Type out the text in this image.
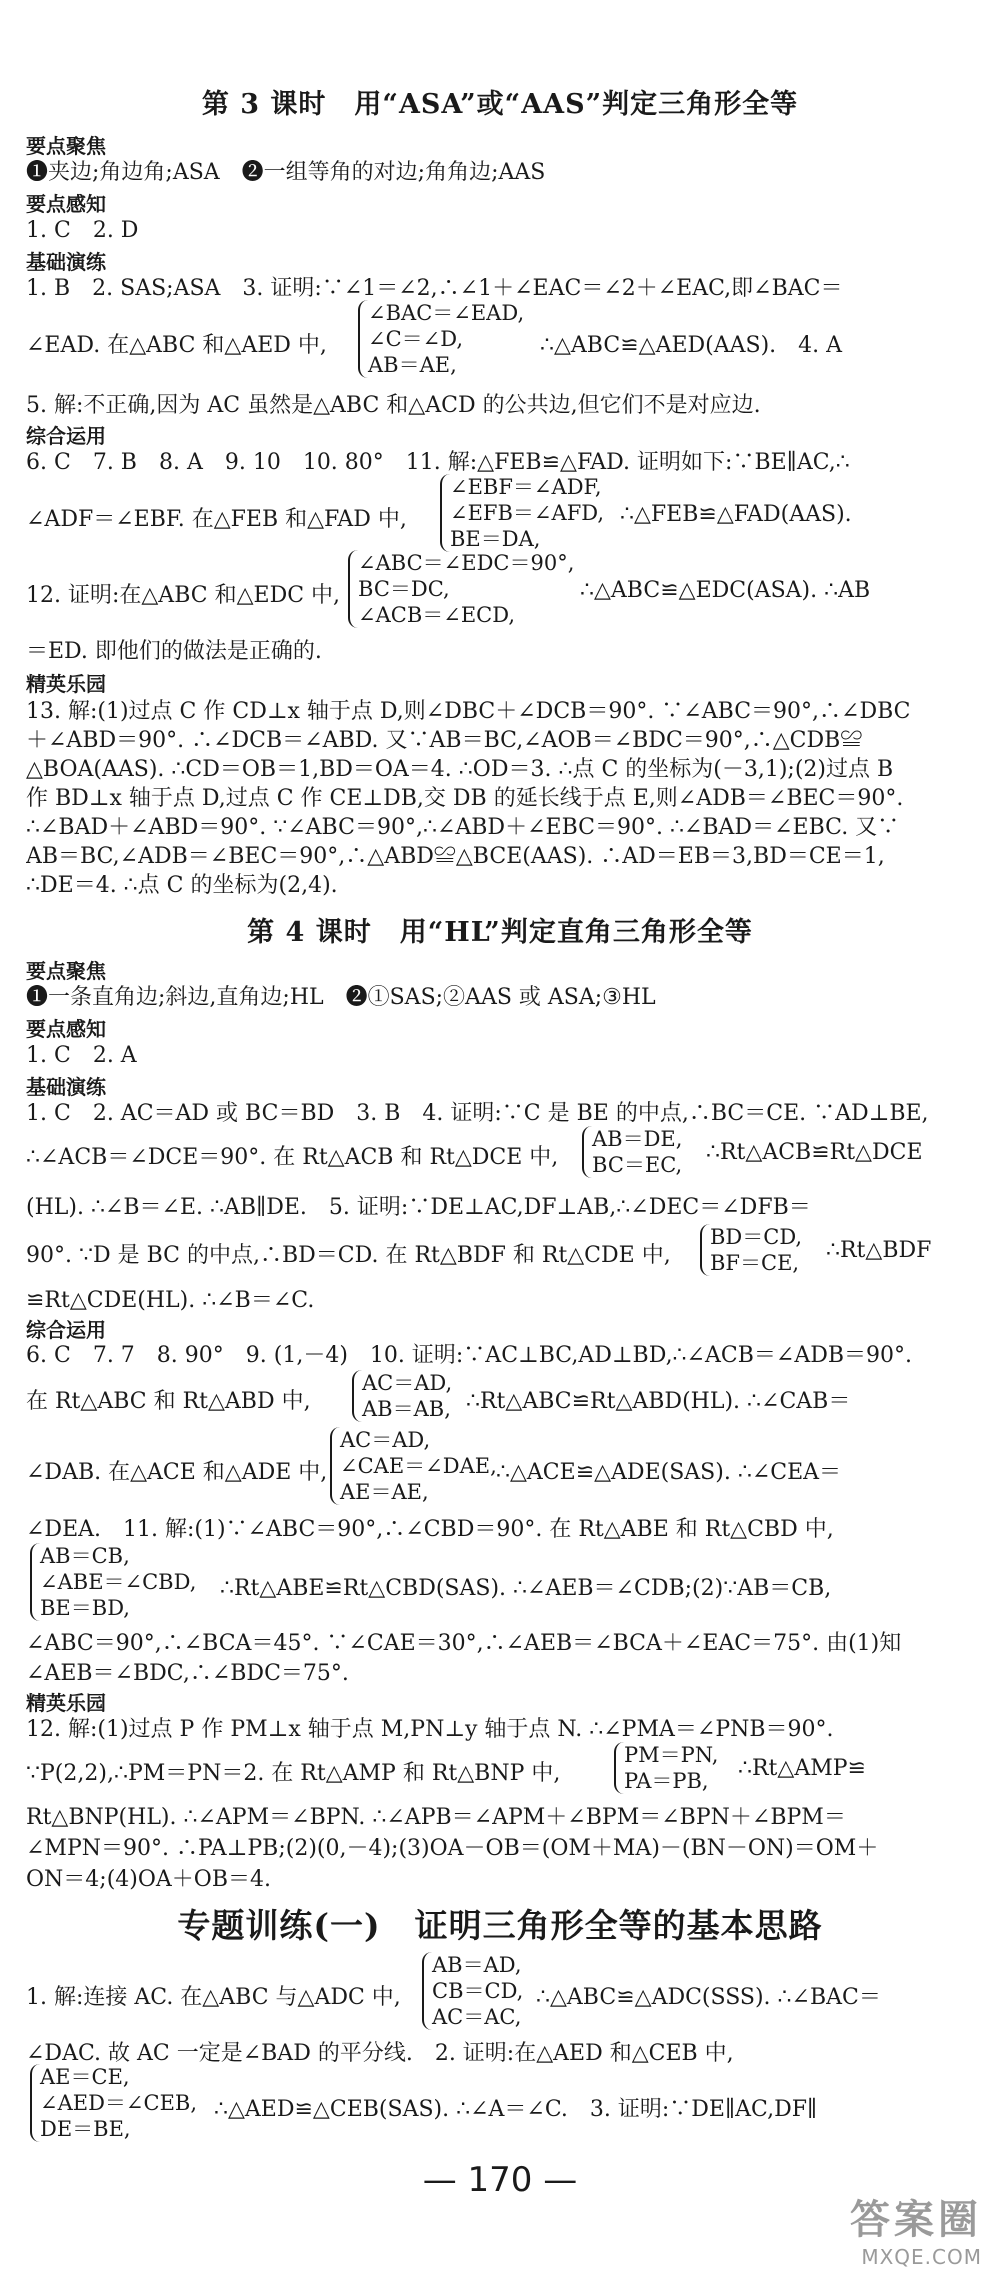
第 3 课时　用“ASA”或“AAS”判定三角形全等
要点聚焦
❶夹边;角边角;ASA　❷一组等角的对边;角角边;AAS
要点感知
1. C　2. D
基础演练
1. B　2. SAS;ASA　3. 证明:∵∠1＝∠2,∴∠1＋∠EAC＝∠2＋∠EAC,即∠BAC＝
∠EAD. 在△ABC 和△AED 中,
∠BAC＝∠EAD,
∠C＝∠D,
AB＝AE,
∴△ABC≌△AED(AAS).　4. A
5. 解:不正确,因为 AC 虽然是△ABC 和△ACD 的公共边,但它们不是对应边.
综合运用
6. C　7. B　8. A　9. 10　10. 80°　11. 解:△FEB≌△FAD. 证明如下:∵BE∥AC,∴
∠ADF＝∠EBF. 在△FEB 和△FAD 中,
∠EBF＝∠ADF,
∠EFB＝∠AFD,
BE＝DA,
∴△FEB≌△FAD(AAS).
12. 证明:在△ABC 和△EDC 中,
∠ABC＝∠EDC＝90°,
BC＝DC,
∠ACB＝∠ECD,
∴△ABC≌△EDC(ASA). ∴AB
＝ED. 即他们的做法是正确的.
精英乐园
13. 解:(1)过点 C 作 CD⊥x 轴于点 D,则∠DBC＋∠DCB＝90°. ∵∠ABC＝90°,∴∠DBC
＋∠ABD＝90°. ∴∠DCB＝∠ABD. 又∵AB＝BC,∠AOB＝∠BDC＝90°,∴△CDB≌
△BOA(AAS). ∴CD＝OB＝1,BD＝OA＝4. ∴OD＝3. ∴点 C 的坐标为(－3,1);(2)过点 B
作 BD⊥x 轴于点 D,过点 C 作 CE⊥DB,交 DB 的延长线于点 E,则∠ADB＝∠BEC＝90°.
∴∠BAD＋∠ABD＝90°. ∵∠ABC＝90°,∴∠ABD＋∠EBC＝90°. ∴∠BAD＝∠EBC. 又∵
AB＝BC,∠ADB＝∠BEC＝90°,∴△ABD≌△BCE(AAS). ∴AD＝EB＝3,BD＝CE＝1,
∴DE＝4. ∴点 C 的坐标为(2,4).
第 4 课时　用“HL”判定直角三角形全等
要点聚焦
❶一条直角边;斜边,直角边;HL　❷①SAS;②AAS 或 ASA;③HL
要点感知
1. C　2. A
基础演练
1. C　2. AC＝AD 或 BC＝BD　3. B　4. 证明:∵C 是 BE 的中点,∴BC＝CE. ∵AD⊥BE,
∴∠ACB＝∠DCE＝90°. 在 Rt△ACB 和 Rt△DCE 中,
AB＝DE,
BC＝EC, ∴Rt△ACB≌Rt△DCE
(HL). ∴∠B＝∠E. ∴AB∥DE.　5. 证明:∵DE⊥AC,DF⊥AB,∴∠DEC＝∠DFB＝
90°. ∵D 是 BC 的中点,∴BD＝CD. 在 Rt△BDF 和 Rt△CDE 中,
BD＝CD,
BF＝CE, ∴Rt△BDF
≌Rt△CDE(HL). ∴∠B＝∠C.
综合运用
6. C　7. 7　8. 90°　9. (1,－4)　10. 证明:∵AC⊥BC,AD⊥BD,∴∠ACB＝∠ADB＝90°.
在 Rt△ABC 和 Rt△ABD 中,
AC＝AD,
AB＝AB, ∴Rt△ABC≌Rt△ABD(HL). ∴∠CAB＝
∠DAB. 在△ACE 和△ADE 中,
AC＝AD,
∠CAE＝∠DAE,
AE＝AE,
∴△ACE≌△ADE(SAS). ∴∠CEA＝
∠DEA.　11. 解:(1)∵∠ABC＝90°,∴∠CBD＝90°. 在 Rt△ABE 和 Rt△CBD 中,
AB＝CB,
∠ABE＝∠CBD,
BE＝BD,
∴Rt△ABE≌Rt△CBD(SAS). ∴∠AEB＝∠CDB;(2)∵AB＝CB,
∠ABC＝90°,∴∠BCA＝45°. ∵∠CAE＝30°,∴∠AEB＝∠BCA＋∠EAC＝75°. 由(1)知
∠AEB＝∠BDC,∴∠BDC＝75°.
精英乐园
12. 解:(1)过点 P 作 PM⊥x 轴于点 M,PN⊥y 轴于点 N. ∴∠PMA＝∠PNB＝90°.
∵P(2,2),∴PM＝PN＝2. 在 Rt△AMP 和 Rt△BNP 中,
PM＝PN,
PA＝PB,	∴Rt△AMP≌
Rt△BNP(HL). ∴∠APM＝∠BPN. ∴∠APB＝∠APM＋∠BPM＝∠BPN＋∠BPM＝
∠MPN＝90°. ∴PA⊥PB;(2)(0,－4);(3)OA－OB＝(OM＋MA)－(BN－ON)＝OM＋
ON＝4;(4)OA＋OB＝4.
专题训练(一)　证明三角形全等的基本思路
1. 解:连接 AC. 在△ABC 与△ADC 中,
AB＝AD,
CB＝CD,
AC＝AC,
∴△ABC≌△ADC(SSS). ∴∠BAC＝
∠DAC. 故 AC 一定是∠BAD 的平分线.　2. 证明:在△AED 和△CEB 中,
AE＝CE,
∠AED＝∠CEB,
DE＝BE,
∴△AED≌△CEB(SAS). ∴∠A＝∠C.　3. 证明:∵DE∥AC,DF∥
— 170 —
答案圈
MXQE.COM
